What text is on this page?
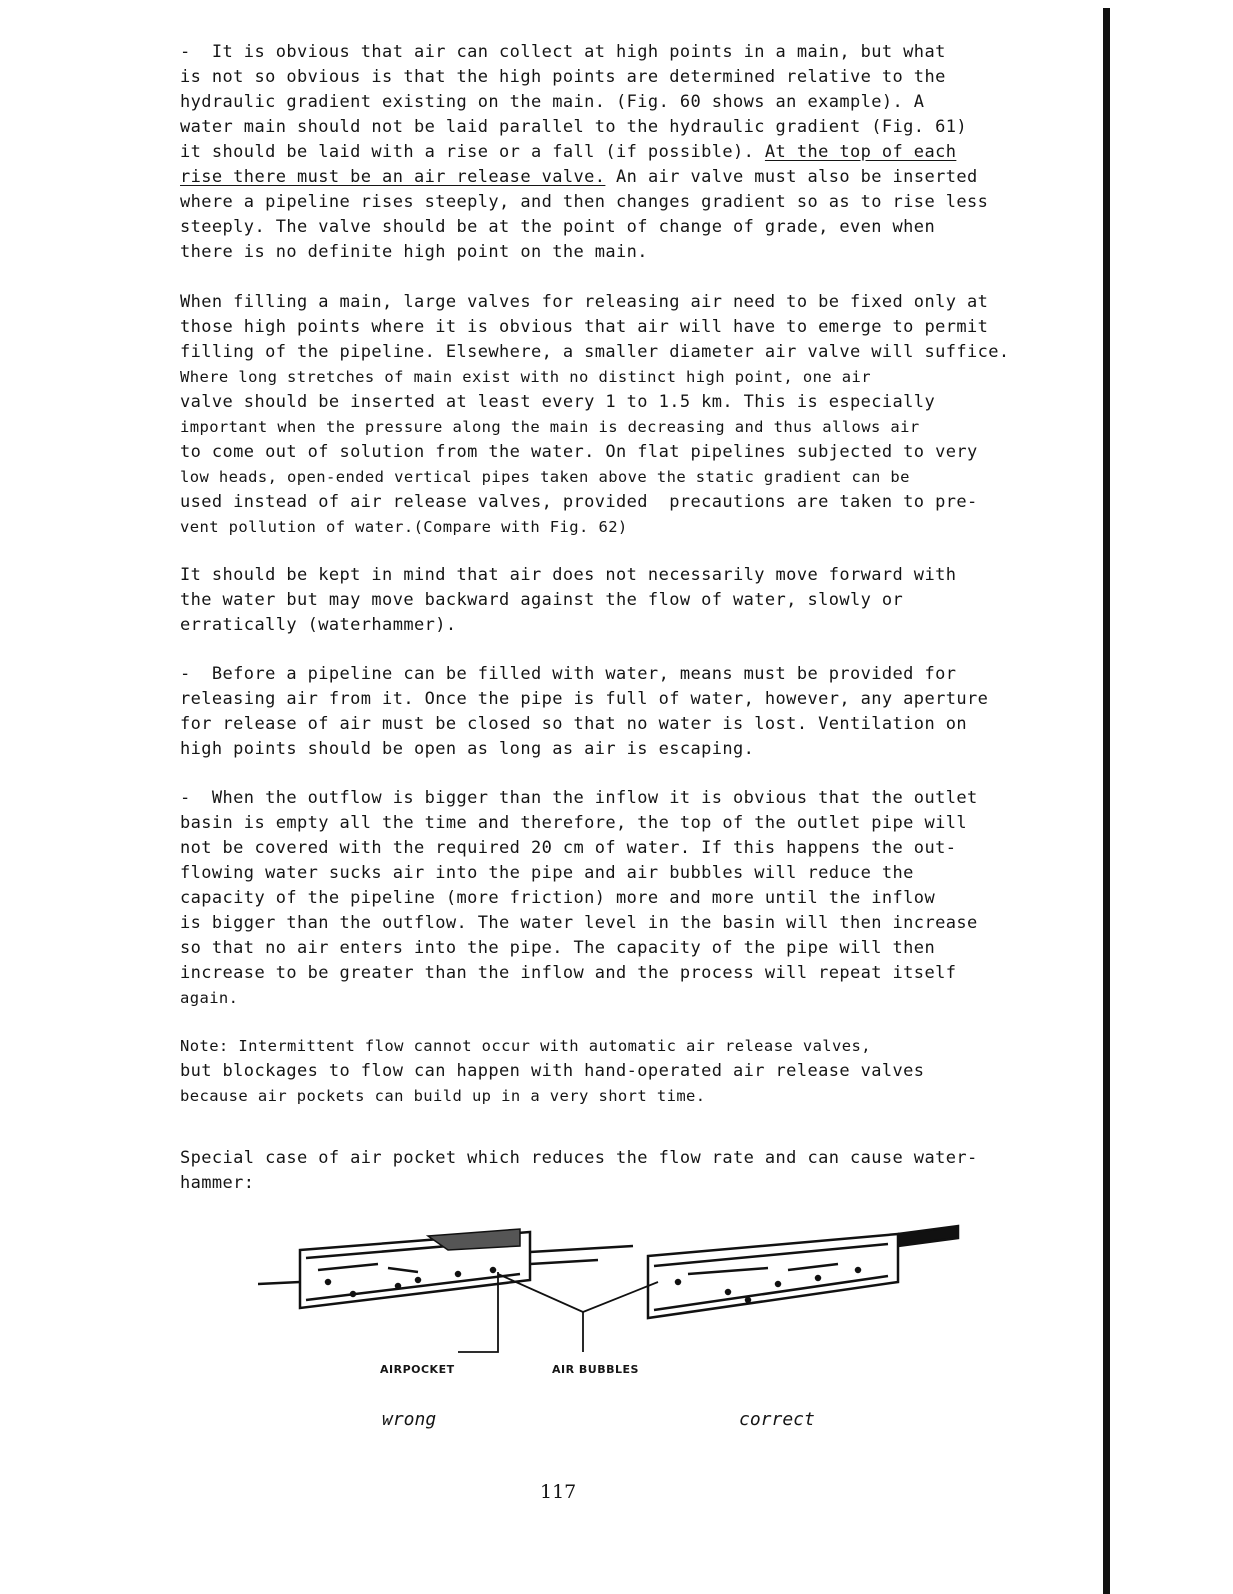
-  It is obvious that air can collect at high points in a main, but what
is not so obvious is that the high points are determined relative to the
hydraulic gradient existing on the main. (Fig. 60 shows an example). A
water main should not be laid parallel to the hydraulic gradient (Fig. 61)
it should be laid with a rise or a fall (if possible). At the top of each
rise there must be an air release valve. An air valve must also be inserted
where a pipeline rises steeply, and then changes gradient so as to rise less
steeply. The valve should be at the point of change of grade, even when
there is no definite high point on the main.
When filling a main, large valves for releasing air need to be fixed only at
those high points where it is obvious that air will have to emerge to permit
filling of the pipeline. Elsewhere, a smaller diameter air valve will suffice.
Where long stretches of main exist with no distinct high point, one air
valve should be inserted at least every 1 to 1.5 km. This is especially
important when the pressure along the main is decreasing and thus allows air
to come out of solution from the water. On flat pipelines subjected to very
low heads, open-ended vertical pipes taken above the static gradient can be
used instead of air release valves, provided  precautions are taken to pre-
vent pollution of water.(Compare with Fig. 62)
It should be kept in mind that air does not necessarily move forward with
the water but may move backward against the flow of water, slowly or
erratically (waterhammer).
-  Before a pipeline can be filled with water, means must be provided for
releasing air from it. Once the pipe is full of water, however, any aperture
for release of air must be closed so that no water is lost. Ventilation on
high points should be open as long as air is escaping.
-  When the outflow is bigger than the inflow it is obvious that the outlet
basin is empty all the time and therefore, the top of the outlet pipe will
not be covered with the required 20 cm of water. If this happens the out-
flowing water sucks air into the pipe and air bubbles will reduce the
capacity of the pipeline (more friction) more and more until the inflow
is bigger than the outflow. The water level in the basin will then increase
so that no air enters into the pipe. The capacity of the pipe will then
increase to be greater than the inflow and the process will repeat itself
again.
Note: Intermittent flow cannot occur with automatic air release valves,
but blockages to flow can happen with hand-operated air release valves
because air pockets can build up in a very short time.
Special case of air pocket which reduces the flow rate and can cause water-
hammer:
AIRPOCKET	AIR BUBBLES
wrong	correct
117
